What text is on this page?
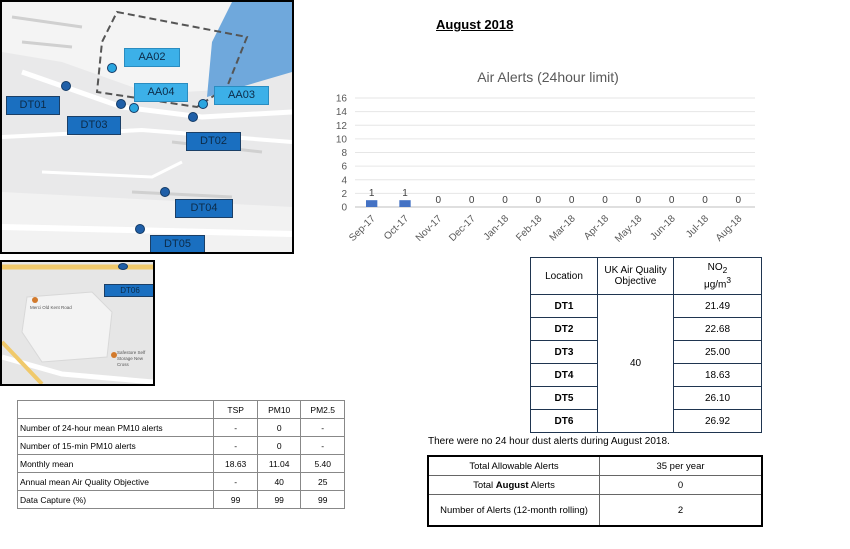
AA02
AA04	AA03
DT01
DT03
DT02
DT04
DT05
Merci Old Kent Road
Safestore Self Storage New Cross
DT06
August 2018
Air Alerts (24hour limit)
0
2
4
6
8
10
12
14
16
1	1
0	0	0	0	0	0	0	0	0	0
Sep-17 Oct-17 Nov-17 Dec-17 Jan-18 Feb-18 Mar-18 Apr-18 May-18 Jun-18 Jul-18 Aug-18
Location	UK Air Quality Objective	$NO_2$
$\mu g/m^3$
DT1	40	21.49
DT2		22.68
DT3		25.00
DT4		18.63
DT5		26.10
DT6		26.92
	TSP	PM10	PM2.5
Number of 24-hour mean PM10 alerts	-	0	-
Number of 15-min PM10 alerts	-	0	-
Monthly mean	18.63	11.04	5.40
Annual mean Air Quality Objective	-	40	25
Data Capture (%)	99	99	99
There were no 24 hour dust alerts during August 2018.
Total Allowable Alerts	35 per year
Total August Alerts	0
Number of Alerts (12-month rolling)	2
